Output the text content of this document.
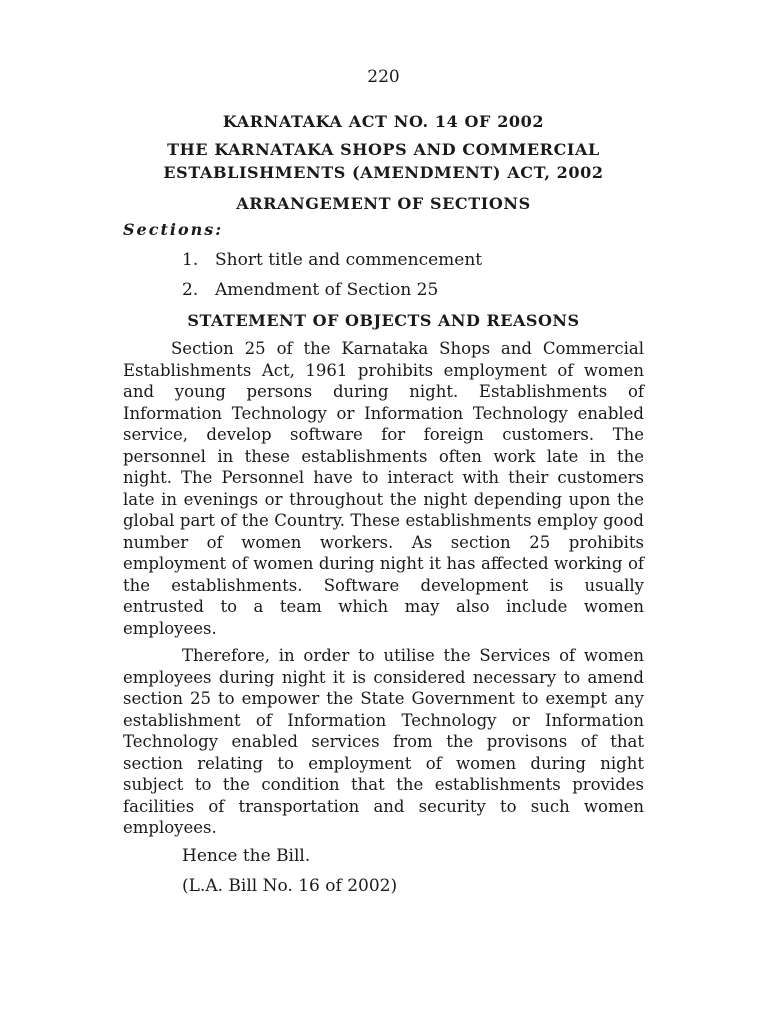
220
KARNATAKA ACT NO. 14 OF 2002
THE KARNATAKA SHOPS AND COMMERCIAL ESTABLISHMENTS (AMENDMENT) ACT, 2002
ARRANGEMENT OF SECTIONS
Sections:
1. Short title and commencement
2. Amendment of Section 25
STATEMENT OF OBJECTS AND REASONS

Section 25 of the Karnataka Shops and Commercial Establishments Act, 1961 prohibits employment of women and young persons during night. Establishments of Information Technology or Information Technology enabled service, develop software for foreign customers. The personnel in these establishments often work late in the night. The Personnel have to interact with their customers late in evenings or throughout the night depending upon the global part of the Country. These establishments employ good number of women workers. As section 25 prohibits employment of women during night it has affected working of the establishments. Software development is usually entrusted to a team which may also include women employees.

Therefore, in order to utilise the Services of women employees during night it is considered necessary to amend section 25 to empower the State Government to exempt any establishment of Information Technology or Information Technology enabled services from the provisons of that section relating to employment of women during night subject to the condition that the establishments provides facilities of transportation and security to such women employees.

Hence the Bill.
(L.A. Bill No. 16 of 2002)
